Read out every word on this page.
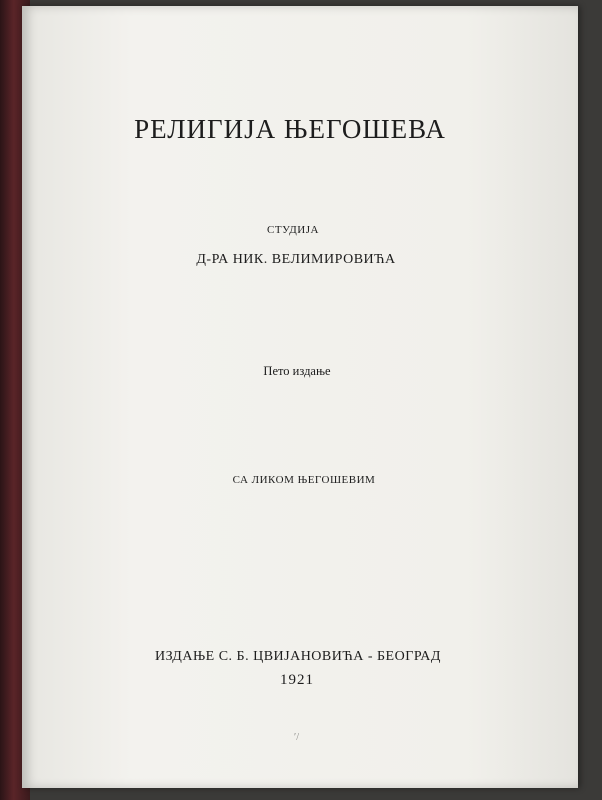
РЕЛИГИЈА ЊЕГОШЕВА
СТУДИЈА
Д-РА НИК. ВЕЛИМИРОВИЋА
Пето издање
СА ЛИКОМ ЊЕГОШЕВИМ
ИЗДАЊЕ С. Б. ЦВИЈАНОВИЋА - БЕОГРАД
1921
′/
